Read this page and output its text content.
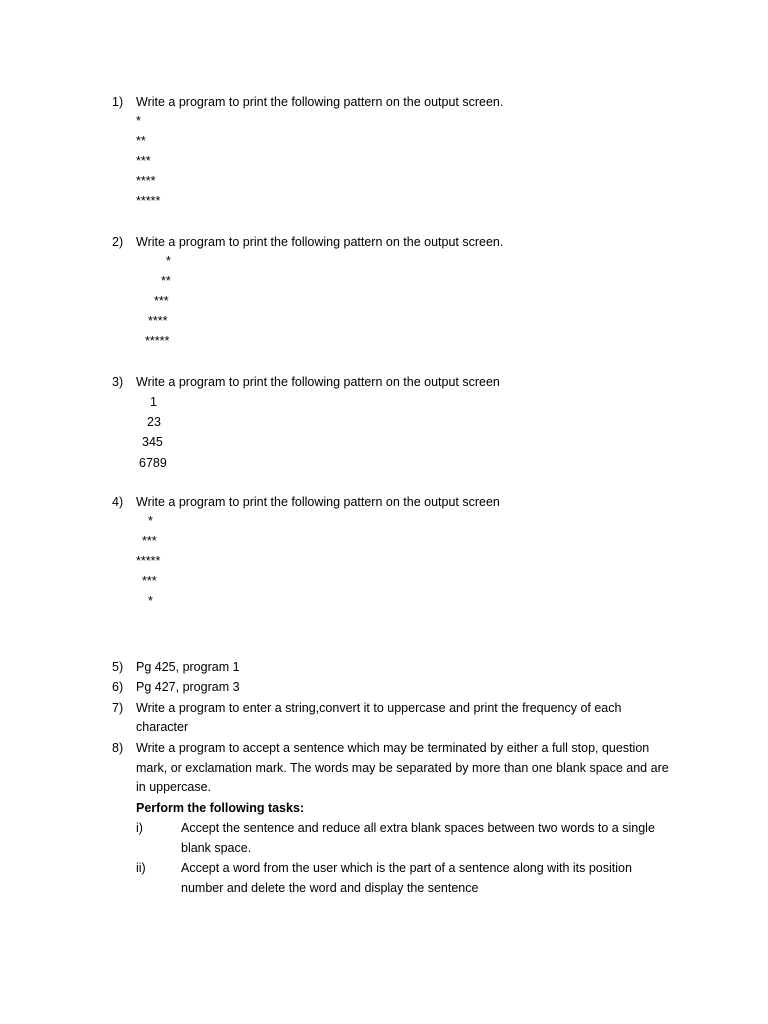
1) Write a program to print the following pattern on the output screen.
*
**
***
****
*****
2) Write a program to print the following pattern on the output screen.
*
**
***
****
*****
3) Write a program to print the following pattern on the output screen
1
23
345
6789
4) Write a program to print the following pattern on the output screen
*
***
*****
***
*
5) Pg 425, program 1
6) Pg 427, program 3
7) Write a program to enter a string,convert it to uppercase and print the frequency of each
character
8) Write a program to accept a sentence which may be terminated by either a full stop, question
mark, or exclamation mark. The words may be separated by more than one blank space and are
in uppercase.
Perform the following tasks:
i)	Accept the sentence and reduce all extra blank spaces between two words to a single
blank space.
ii)	Accept a word from the user which is the part of a sentence along with its position
number and delete the word and display the sentence
